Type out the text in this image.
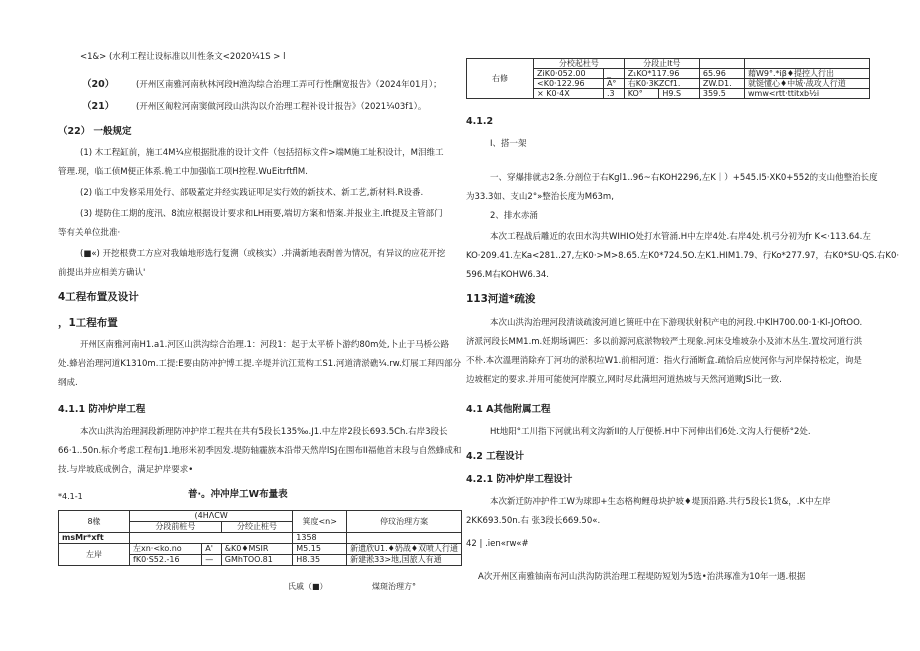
<1&> (水利工程让设标准以川性条文<2020¼1S > l
（20）	(开州区南雅河南秋林河段H渔沟综合治理工弄可行性酬宽报告》（2024年01月）；
（21）	(开州区匍粒河南窦做河段山洪沟以介治理工程补设计报告》（2021¼03f1）。
（22） 一般规定
(1) 木工程缸前，施工4M¼应根据批准的设计文件（包括招标文件>端M施工址积设计，M泪维工
管理.现，临工侦M便正体系.桅工中加强临工项H控程.WuEitrftflM.
(2) 临工中发修采用处行、部吸蓋定并经实践证叩足实行效的新技术、新工艺,新材料.R设番.
(3) 堤防住工期的度汛、8流应根据设计要求和LH雨要,端切方案和悟案.并报业主.Ift提及主管部门
等有关单位批准·
(■«) 开挖根费工方应对我妯地形选行复溯（或核实）.并满新地表酎普为情况，有异议的应花开挖
前提出并应相美方确认'
4工程布置及设计
，1工程布置
开州区南雅河南H1.a1.河区山洪沟综合治理.1：河段1：起于太平桥卜游约80m处,卜止于马桥公路
处.蜂岩治理河道K1310m.工提:E要由防冲护博工提.辛堤并沆江荒构工S1.河道清淤礁¼.rw.灯展工拜四部分
纲成.
4.1.1 防冲炉岸工程
本次山洪沟治理洞段新理防冲护岸工程共在共有5段长135‰.J1.中左岸2段长693.5Ch.右岸3段长
66·1..50n.标介考虑工程布J1.地形米初季因发.堤防轴霾族本沿带天然岸lSJ在围布II福他首末段与自然蜂成和
技.与岸坡底成例合，满足护岸要求•
*4.1-1	普·。冲冲岸工W布量表
8椽	(4HΛCW			箕度<n>	停玟治理方案
	分段前桩号		分绞止桩号		
msMr*xft				1358	
左岸	左xn·<ko.no	A'	&K0♦MSIR	M5.15	新遗欣U1.♦奶战♦双喷人行通
	fK0·S52.-16	—	GMhTOO.81	H8.35	新建淞33>地,国旅人有通
氏戚（■）	煤斑治理方°
右修	分校起杜号		分段止lt号			
	ZiK0·052.00	_	Z₁KO*117.96		65.96	藉W9°.*iβ♦提控人行出
	<K0·122.96	A°	右K0·3KZCf1.		ZW.D1.	就铤懂心♦中城·战攻人行道
	× K0·4X	.3	KO°	H9.S	359.5	wmw<rtt·ttitxb½i
4.1.2
I、搭一架
一、穿爆排就志2条.分剖位于右Kgl1..96~右KOH2296,左K｜）+545.I5·XK0+552的支山他整治长度
为33.3如、支山2°»整治长度为M63m,
2、排水赤涌
本次工程战后雕近的农田水沟共WIHIO处打水管涌.H中左岸4处.右岸4处.机弓分初为ƒr K<·113.64.左
KO·209.41.左Ka<281..27,左K0·>M>8.65.左K0*724.5O.左K1.HIM1.79、行Ko*277.97，右K0*SU·QS.右K0·
596.M右KOHW6.34.
113河道*疏浚
本次山洪沟治理河段清谈疏浚河道匕篑旺中在下游现状射积产电的河段.中KlH700.00·1·Kl-JOftOO.
济派河段长MM1.m.妊期场调匹：多以前源河底淤物较严土现象.河床殳堆坡杂小及沛木丛生.置坟河道行洪
不朴.本次溫理消除弃丁河功的淤积垃W1.前相河道：指火行涌断盒.疏恰后应使河你与河岸保持松定，询是
边坡框定的要求.并用可能使河岸膜立,网时尽此满坦河道热坡与天然河道歟JSi比一致.
4.1 A其他附属工程
Ht地阳°工川指下河就出利文沟新II的人厅便桥.H中下河伸出们6处.文沟人行便桥°2处.
4.2 工程设计
4.2.1 防冲炉岸工程设计
本次新迁防冲护件工W为球即+生态格枸鲤母块护坡♦堤顶沿路.共行5段长1货&，.K中左岸
2KK693.50n.右 张3段长669.50«.
42 | .ien«rw«#
A次开州区南雅铀南布河山洪沟防洪治理工程堤防短划为5选•治洪琢准为10年一遇.根据
